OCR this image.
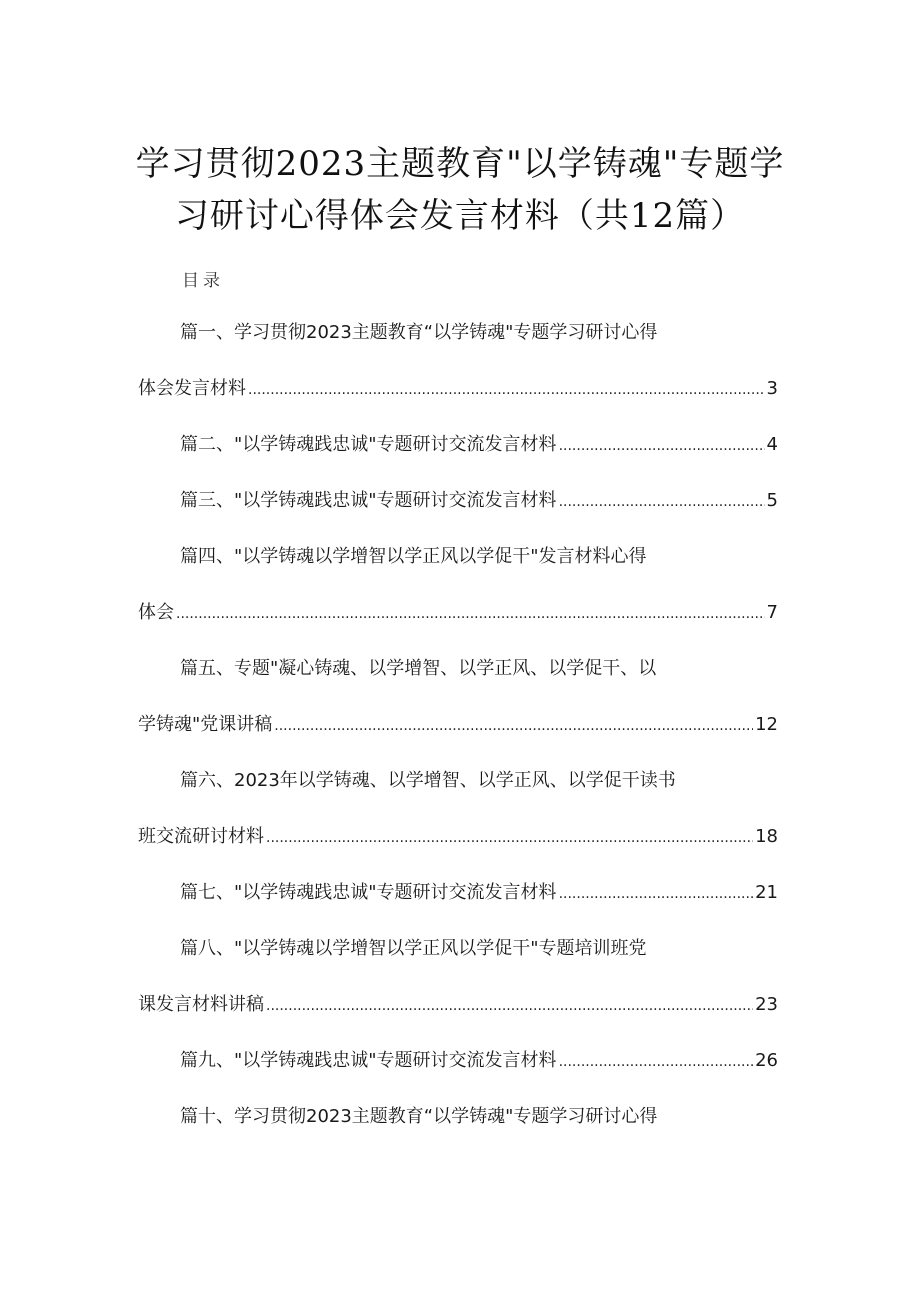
学习贯彻2023主题教育"以学铸魂"专题学
习研讨心得体会发言材料（共12篇）
目录
篇一、学习贯彻2023主题教育“以学铸魂"专题学习研讨心得
体会发言材料 .....	3
篇二、"以学铸魂践忠诚"专题研讨交流发言材料 .....	4
篇三、"以学铸魂践忠诚"专题研讨交流发言材料 .....	5
篇四、"以学铸魂以学增智以学正风以学促干"发言材料心得
体会 .....	7
篇五、专题"凝心铸魂、以学增智、以学正风、以学促干、以
学铸魂"党课讲稿 .....	12
篇六、2023年以学铸魂、以学增智、以学正风、以学促干读书
班交流研讨材料 .....	18
篇七、"以学铸魂践忠诚"专题研讨交流发言材料 .....	21
篇八、"以学铸魂以学增智以学正风以学促干"专题培训班党
课发言材料讲稿 .....	23
篇九、"以学铸魂践忠诚"专题研讨交流发言材料 .....	26
篇十、学习贯彻2023主题教育“以学铸魂"专题学习研讨心得
